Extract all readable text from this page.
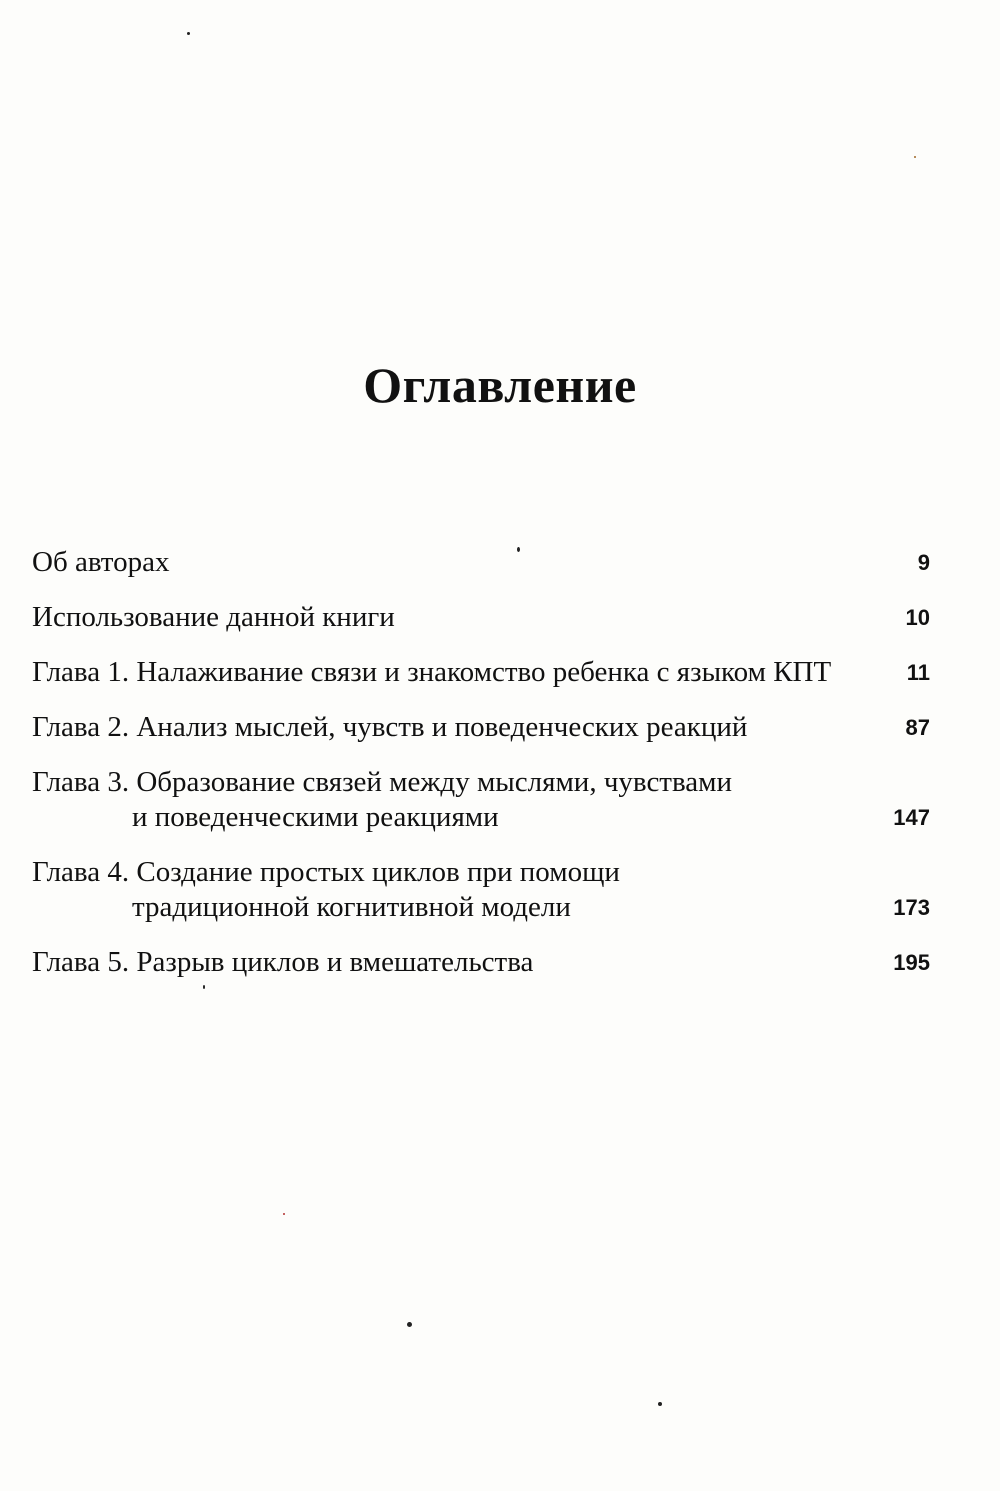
Оглавление
Об авторах	9
Использование данной книги	10
Глава 1. Налаживание связи и знакомство ребенка с языком КПТ	11
Глава 2. Анализ мыслей, чувств и поведенческих реакций	87
Глава 3. Образование связей между мыслями, чувствами
и поведенческими реакциями	147
Глава 4. Создание простых циклов при помощи
традиционной когнитивной модели	173
Глава 5. Разрыв циклов и вмешательства	195
